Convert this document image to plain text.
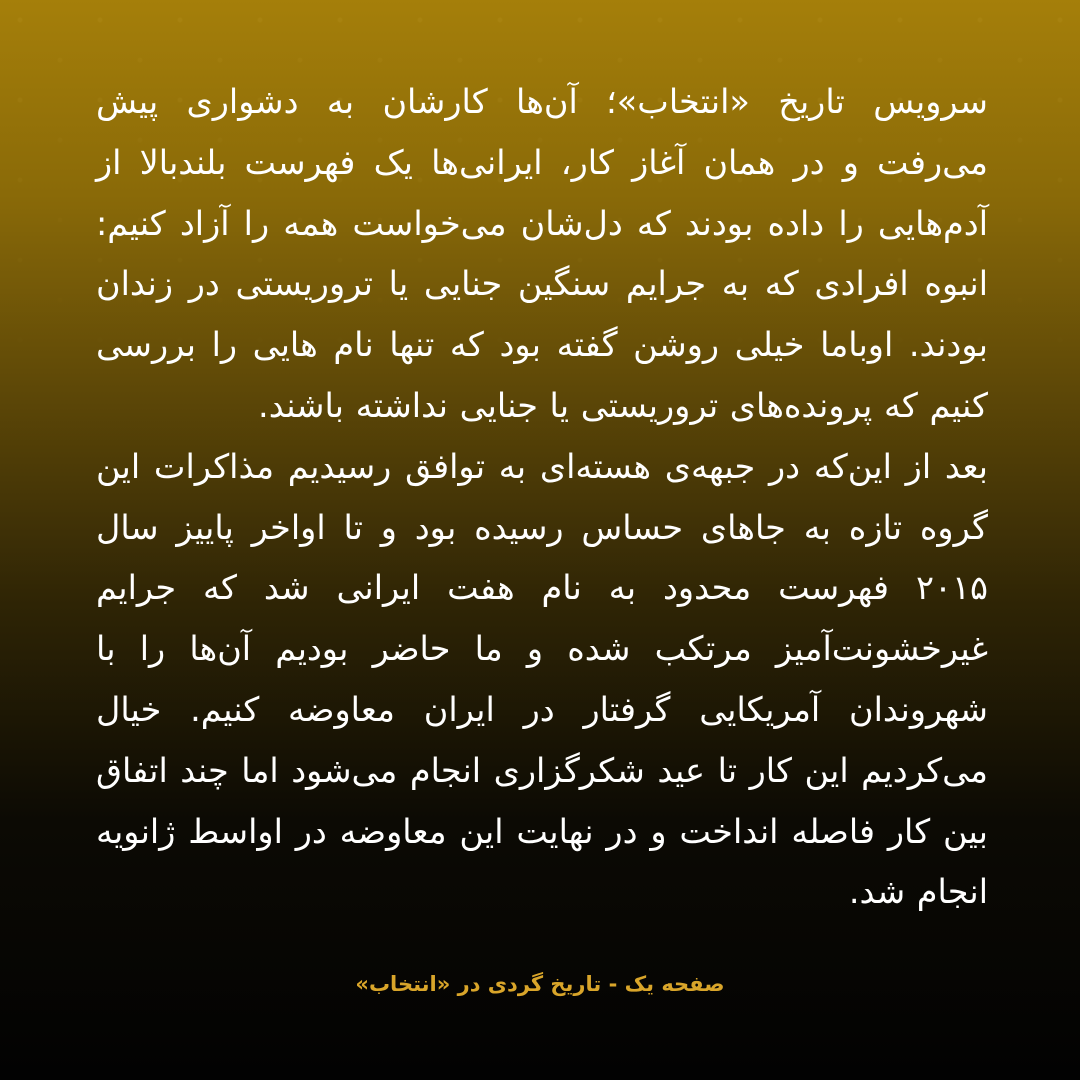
سرویس تاریخ «انتخاب»؛ آن‌ها کارشان به دشواری پیش می‌رفت و در همان آغاز کار، ایرانی‌ها یک فهرست بلندبالا از آدم‌هایی را داده بودند که دل‌شان می‌خواست همه را آزاد کنیم: انبوه افرادی که به جرایم سنگین جنایی یا تروریستی در زندان بودند. اوباما خیلی روشن گفته بود که تنها نام هایی را بررسی کنیم که پرونده‌های تروریستی یا جنایی نداشته باشند.

بعد از این‌که در جبهه‌ی هسته‌ای به توافق رسیدیم مذاکرات این گروه تازه به جاهای حساس رسیده بود و تا اواخر پاییز سال ۲۰۱۵ فهرست محدود به نام هفت ایرانی شد که جرایم غیرخشونت‌آمیز مرتکب شده و ما حاضر بودیم آن‌ها را با شهروندان آمریکایی گرفتار در ایران معاوضه کنیم. خیال می‌کردیم این کار تا عید شکرگزاری انجام می‌شود اما چند اتفاق بین کار فاصله انداخت و در نهایت این معاوضه در اواسط ژانویه انجام شد.

صفحه یک - تاریخ گردی در «انتخاب»
